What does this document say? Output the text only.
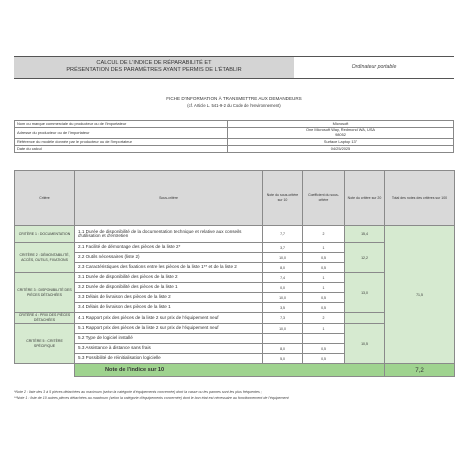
CALCUL DE L'INDICE DE RÉPARABILITÉ ET
PRÉSENTATION DES PARAMÈTRES AYANT PERMIS DE L'ÉTABLIR	Ordinateur portable
FICHE D'INFORMATION À TRANSMETTRE AUX DEMANDEURS
(cf. Article L. 541-9-2 du Code de l'environnement)
Nom ou marque commerciale du producteur ou de l'importateur	Microsoft
Adresse du producteur ou de l'importateur	One Microsoft Way, Redmond WA, USA
98052
Référence du modèle donnée par le producteur ou de l'importateur	Surface Laptop 13"
Date du calcul	04/25/2025
Critère	Sous-critère	Note du sous-critère sur 10	Coefficient du sous-critère	Note du critère sur 20	Total des notes des critères sur 100
CRITÈRE 1 : DOCUMENTATION	1.1 Durée de disponibilité de la documentation technique et relative aux conseils d'utilisation et d'entretien	7,7	2	15,4	71,5
CRITÈRE 2 : DÉMONTABILITÉ, ACCÈS, OUTILS, FIXATIONS	2.1 Facilité de démontage des pièces de la liste 2*	3,7	1	12,2	
	2.2 Outils nécessaires (liste 2)	10,0	0,5		
	2.3 Caractéristiques des fixations entre les pièces de la liste 1** et de la liste 2	8,0	0,5		
CRITÈRE 3 : DISPONIBILITÉ DES PIÈCES DÉTACHÉES	3.1 Durée de disponibilité des pièces de la liste 2	7,4	1	13,0	
	3.2 Durée de disponibilité des pièces de la liste 1	0,0	1		
	3.3 Délais de livraison des pièces de la liste 2	10,0	0,5		
	3.4 Délais de livraison des pièces de la liste 1	3,5	0,5		
CRITÈRE 4 : PRIX DES PIÈCES DÉTACHÉES	4.1 Rapport prix des pièces de la liste 2 sur prix de l'équipement neuf	7,3	2		
CRITÈRE 5 : CRITÈRE SPÉCIFIQUE	5.1 Rapport prix des pièces de la liste 2 sur prix de l'équipement neuf	10,0	1	10,5	
	5.2 Type de logiciel installé				
	5.3 Assistance à distance sans frais	8,0	0,5		
	5.3 Possibilité de réinitialisation logicielle	5,0	0,5		
	Note de l'indice sur 10				7,2
*Note 2 : liste des 3 à 5 pièces détachées au maximum (selon la catégorie d'équipements concernée) dont la casse ou les pannes sont les plus fréquentes ;
**Note 1 : liste de 10 autres pièces détachées au maximum (selon la catégorie d'équipements concernée) dont le bon état est nécessaire au fonctionnement de l'équipement
